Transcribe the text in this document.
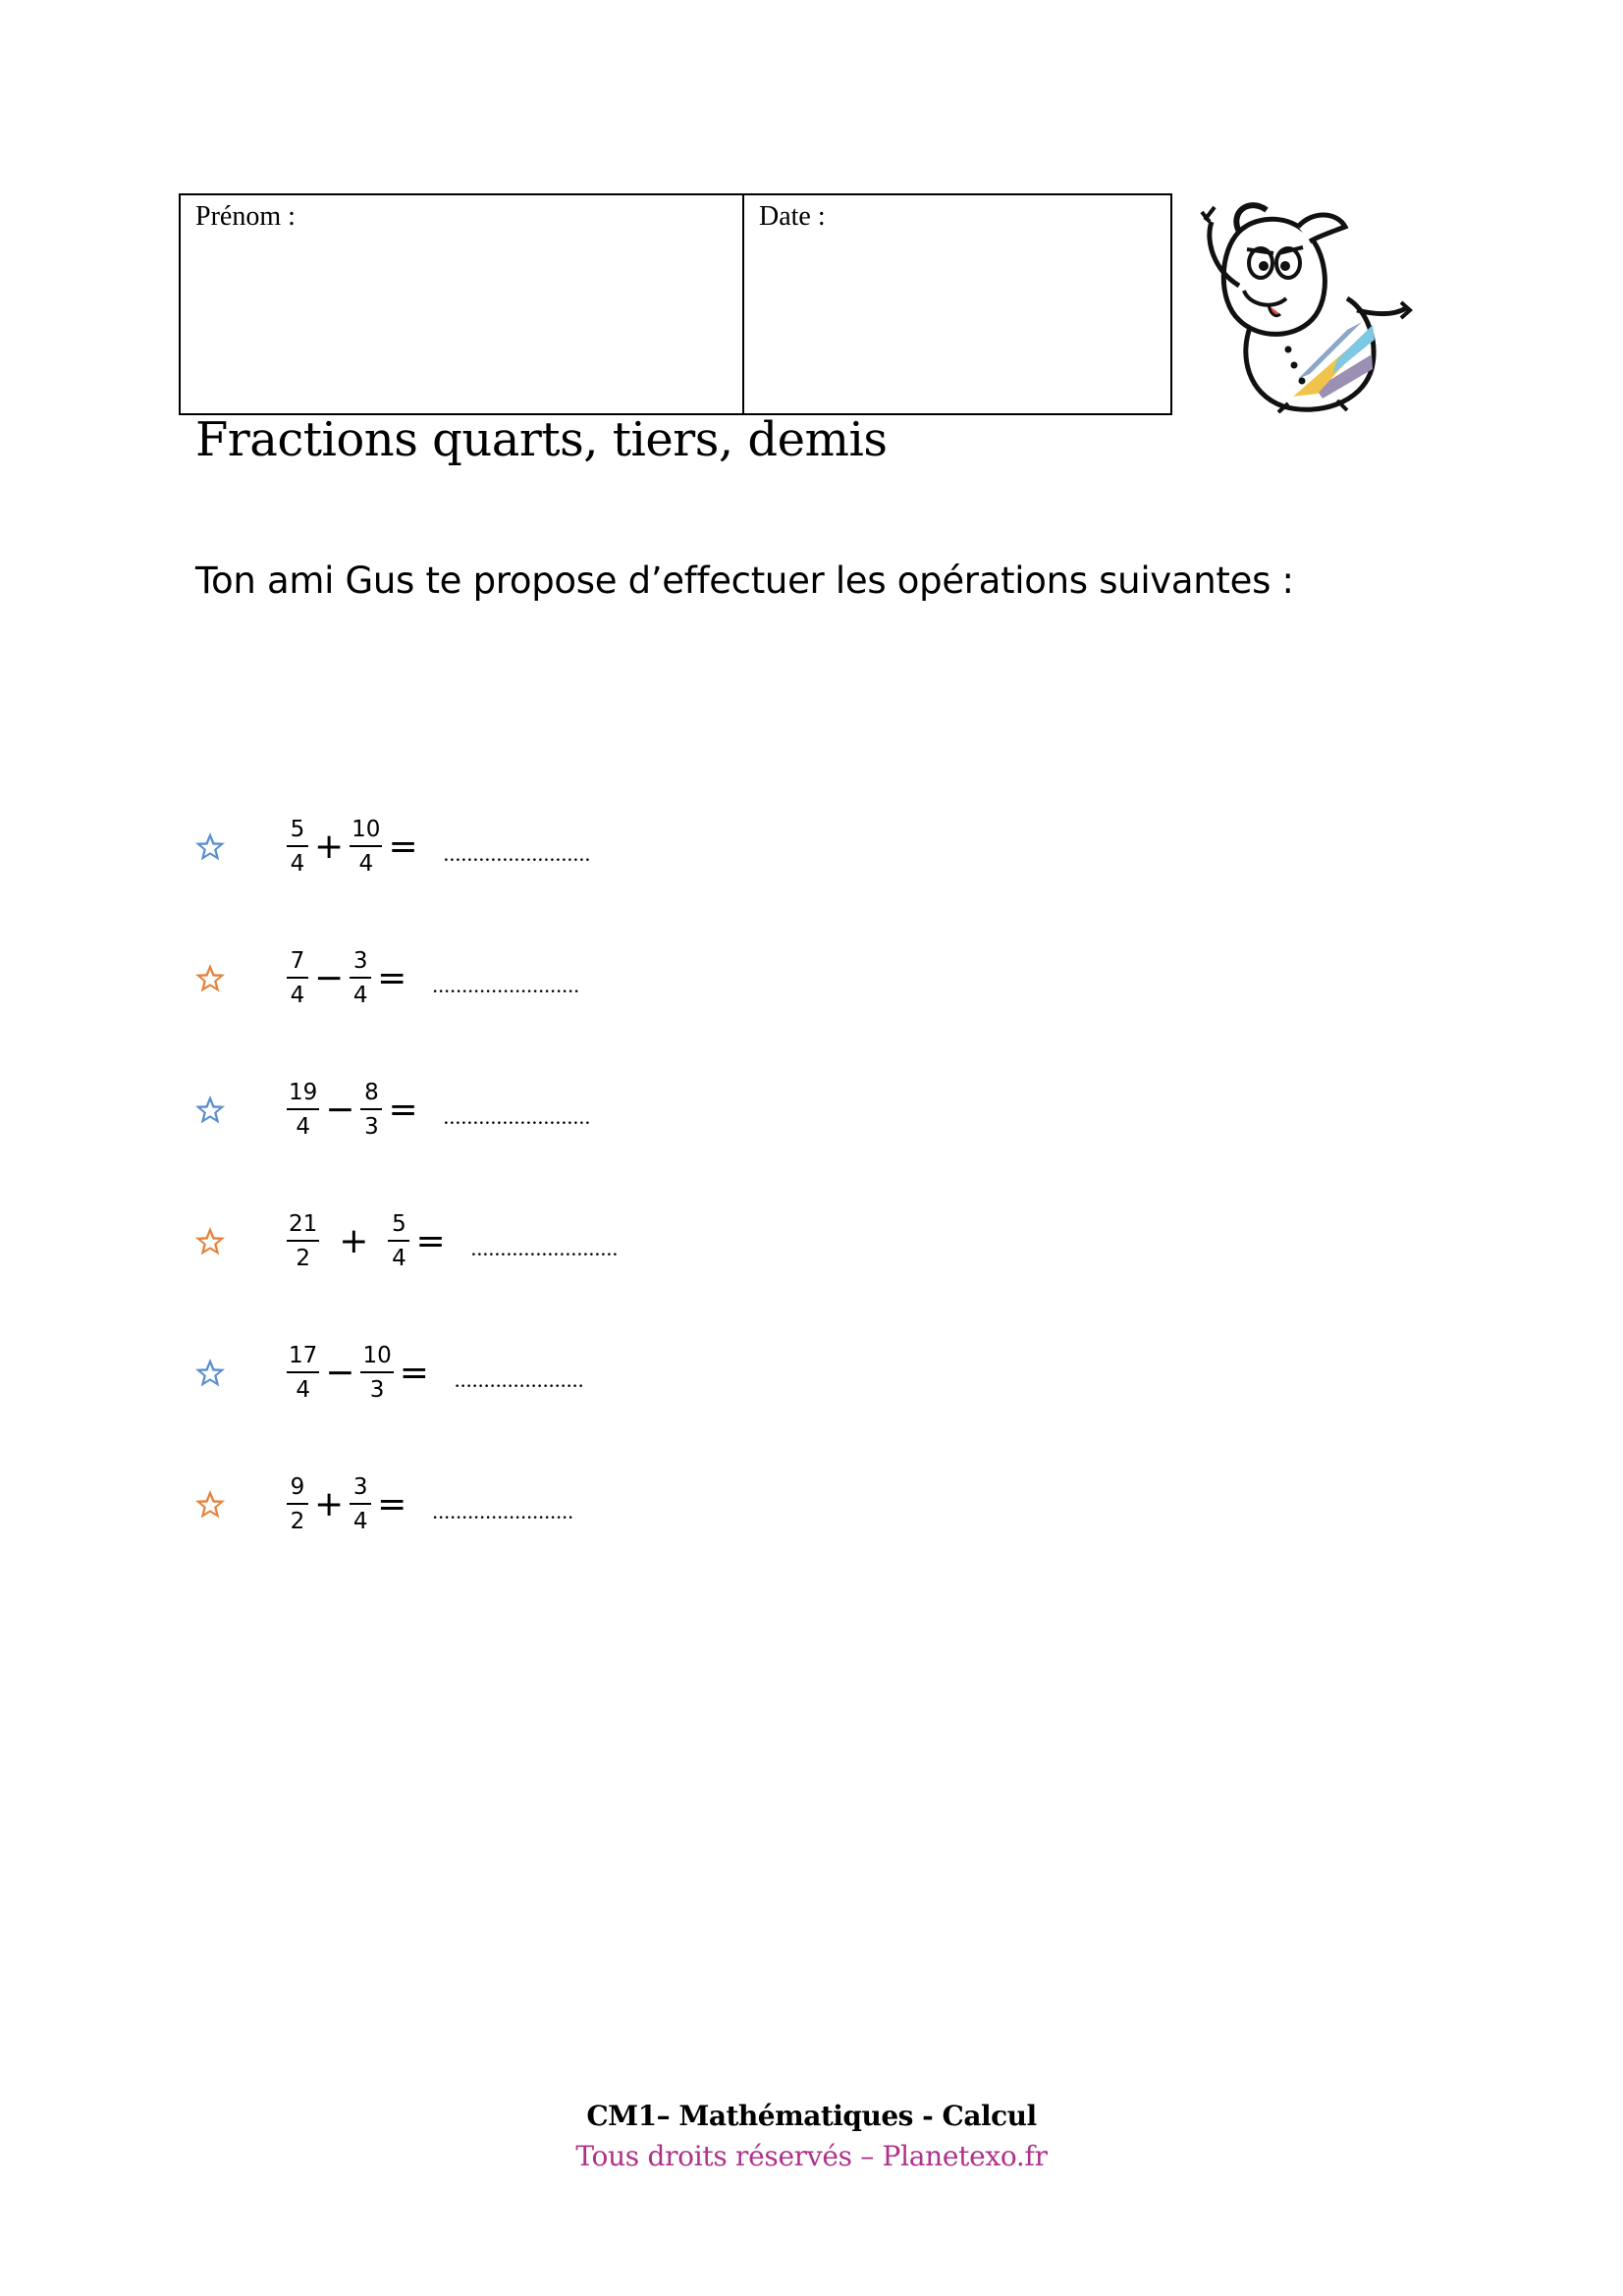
Prénom :	Date :
Fractions quarts, tiers, demis

Ton ami Gus te propose d’effectuer les opérations suivantes :

$\frac{5}{4} + \frac{10}{4}$ = .........................
$\frac{7}{4} - \frac{3}{4}$ = .........................
$\frac{19}{4} - \frac{8}{3}$ = .........................
$\frac{21}{2} + \frac{5}{4}$ = .........................
$\frac{17}{4} - \frac{10}{3}$ = ......................
$\frac{9}{2} + \frac{3}{4}$ = ........................

CM1– Mathématiques - Calcul

Tous droits réservés – Planetexo.fr
